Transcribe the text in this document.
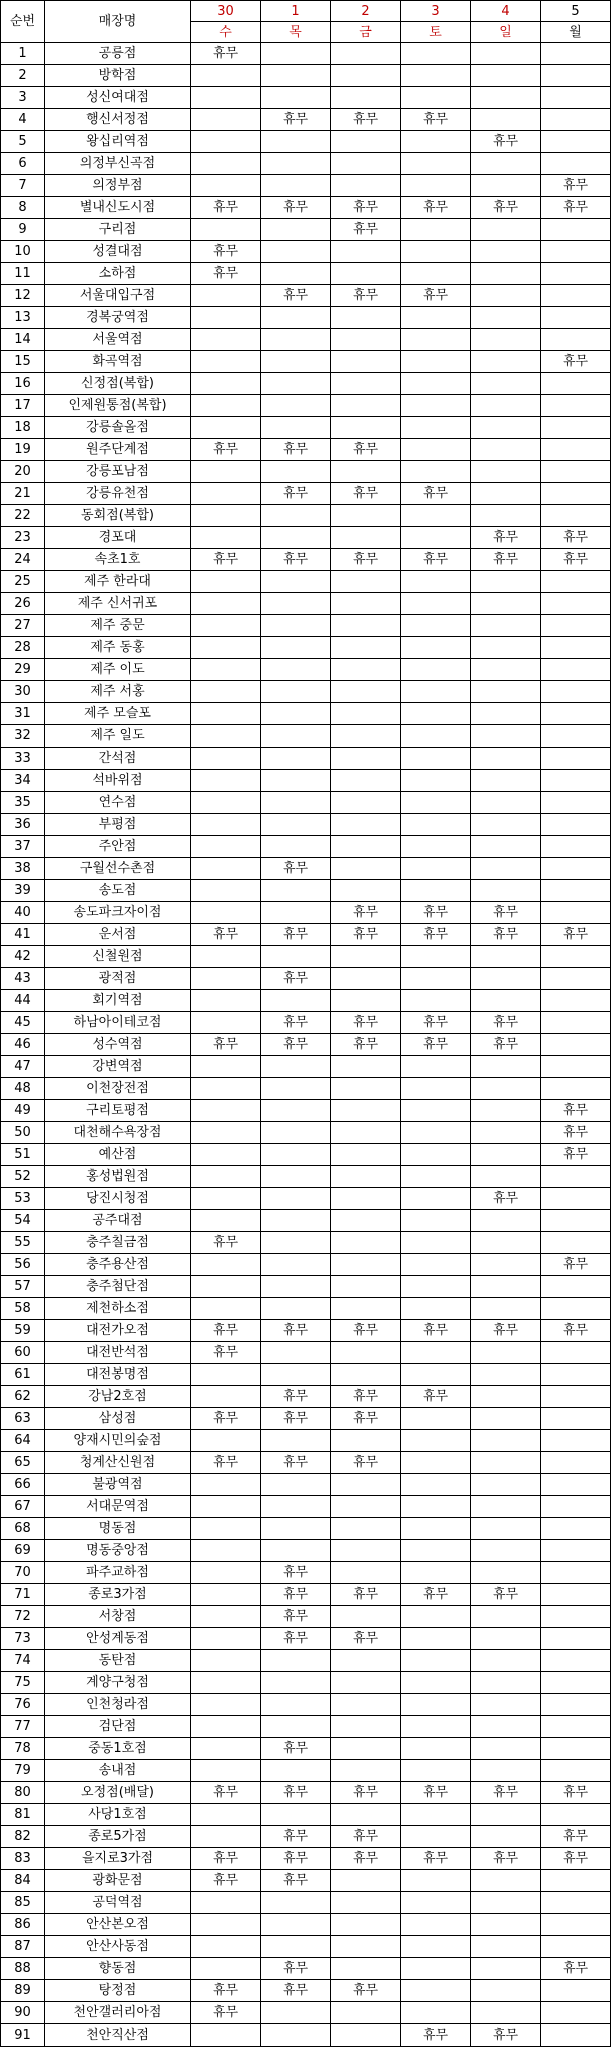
순번	매장명	30	1	2	3	4	5
		수	목	금	토	일	월
1	공릉점	휴무					
2	방학점						
3	성신여대점						
4	행신서정점		휴무	휴무	휴무		
5	왕십리역점					휴무	
6	의정부신곡점						
7	의정부점						휴무
8	별내신도시점	휴무	휴무	휴무	휴무	휴무	휴무
9	구리점			휴무			
10	성결대점	휴무					
11	소하점	휴무					
12	서울대입구점		휴무	휴무	휴무		
13	경복궁역점						
14	서울역점						
15	화곡역점						휴무
16	신정점(복합)						
17	인제원통점(복합)						
18	강릉솔올점						
19	원주단계점	휴무	휴무	휴무			
20	강릉포남점						
21	강릉유천점		휴무	휴무	휴무		
22	동회점(복합)						
23	경포대					휴무	휴무
24	속초1호	휴무	휴무	휴무	휴무	휴무	휴무
25	제주 한라대						
26	제주 신서귀포						
27	제주 중문						
28	제주 동홍						
29	제주 이도						
30	제주 서홍						
31	제주 모슬포						
32	제주 일도						
33	간석점						
34	석바위점						
35	연수점						
36	부평점						
37	주안점						
38	구월선수촌점		휴무				
39	송도점						
40	송도파크자이점			휴무	휴무	휴무	
41	운서점	휴무	휴무	휴무	휴무	휴무	휴무
42	신철원점						
43	광적점		휴무				
44	회기역점						
45	하남아이테코점		휴무	휴무	휴무	휴무	
46	성수역점	휴무	휴무	휴무	휴무	휴무	
47	강변역점						
48	이천장전점						
49	구리토평점						휴무
50	대천해수욕장점						휴무
51	예산점						휴무
52	홍성법원점						
53	당진시청점					휴무	
54	공주대점						
55	충주칠금점	휴무					
56	충주용산점						휴무
57	충주첨단점						
58	제천하소점						
59	대전가오점	휴무	휴무	휴무	휴무	휴무	휴무
60	대전반석점	휴무					
61	대전봉명점						
62	강남2호점		휴무	휴무	휴무		
63	삼성점	휴무	휴무	휴무			
64	양재시민의숲점						
65	청계산신원점	휴무	휴무	휴무			
66	불광역점						
67	서대문역점						
68	명동점						
69	명동중앙점						
70	파주교하점		휴무				
71	종로3가점		휴무	휴무	휴무	휴무	
72	서창점		휴무				
73	안성계동점		휴무	휴무			
74	동탄점						
75	계양구청점						
76	인천청라점						
77	검단점						
78	중동1호점		휴무				
79	송내점						
80	오정점(배달)	휴무	휴무	휴무	휴무	휴무	휴무
81	사당1호점						
82	종로5가점		휴무	휴무			휴무
83	을지로3가점	휴무	휴무	휴무	휴무	휴무	휴무
84	광화문점	휴무	휴무				
85	공덕역점						
86	안산본오점						
87	안산사동점						
88	향동점		휴무				휴무
89	탕정점	휴무	휴무	휴무			
90	천안갤러리아점	휴무					
91	천안직산점				휴무	휴무	
